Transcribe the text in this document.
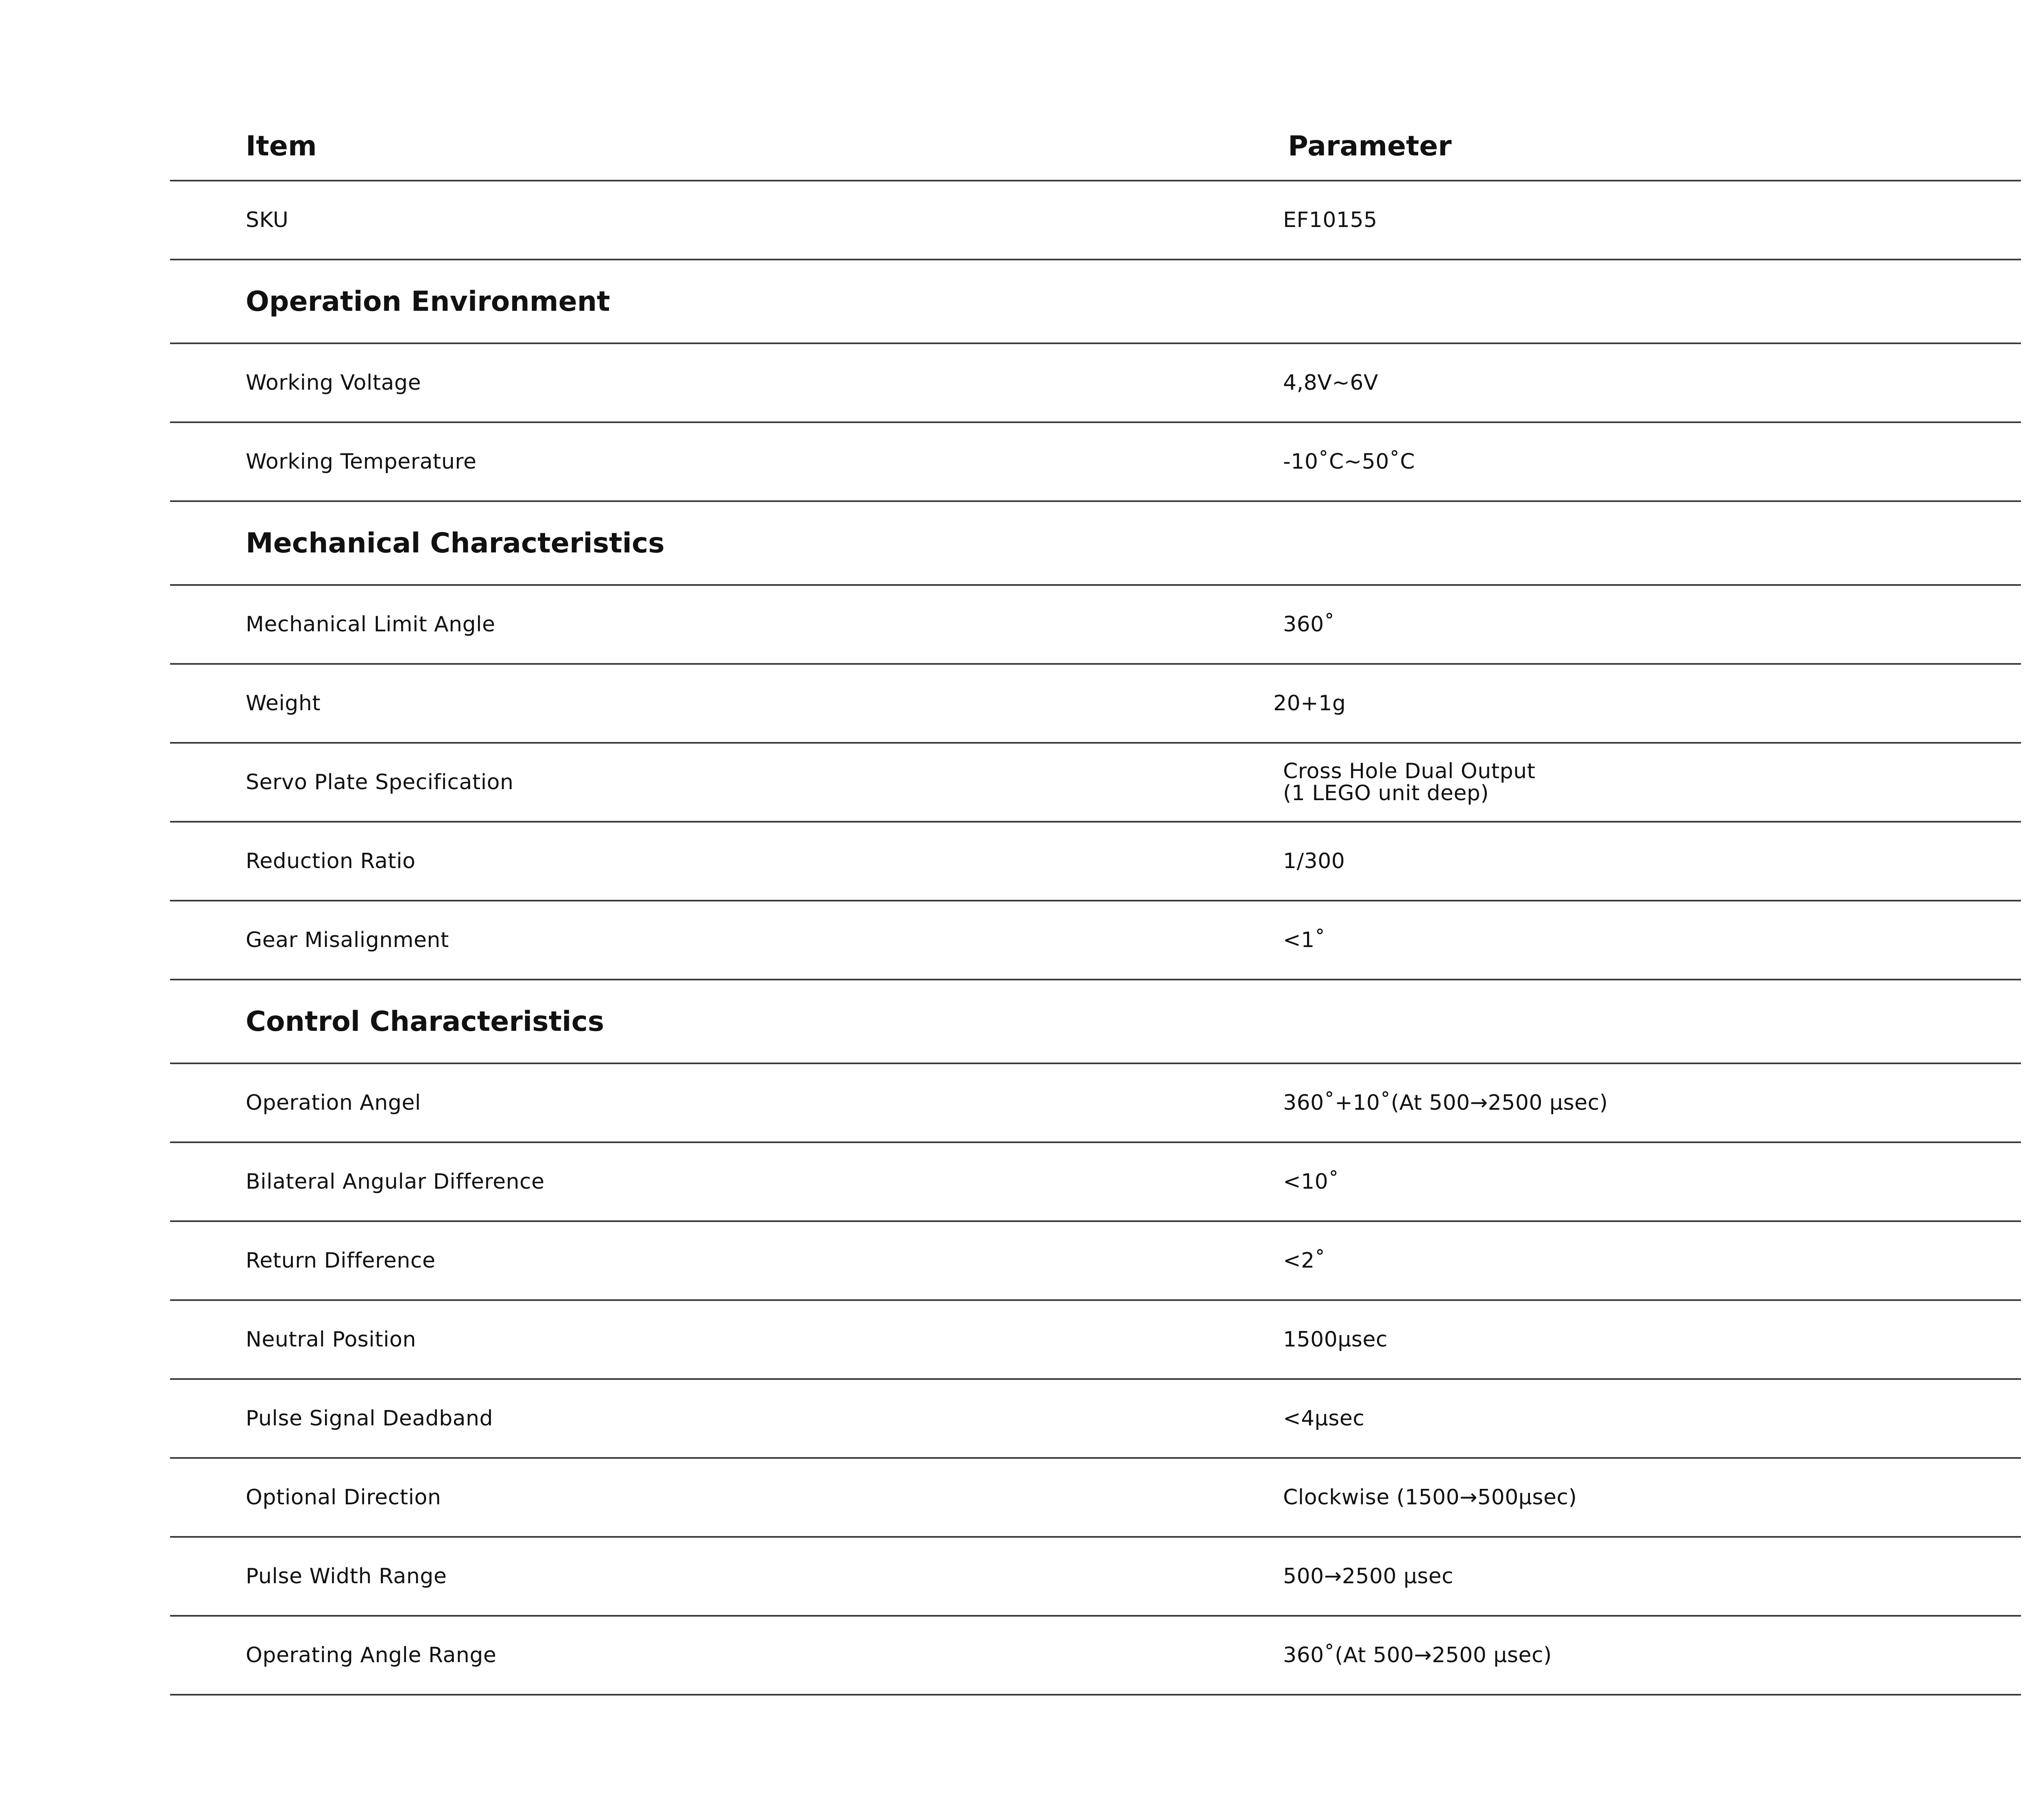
Item	Parameter
SKU	EF10155
Operation Environment	
Working Voltage	4,8V~6V
Working Temperature	-10˚C~50˚C
Mechanical Characteristics	
Mechanical Limit Angle	360˚
Weight	20+1g
Servo Plate Specification	Cross Hole Dual Output
(1 LEGO unit deep)

Reduction Ratio	1/300
Gear Misalignment	<1˚
Control Characteristics	
Operation Angel	360˚+10˚(At 500→2500 μsec)
Bilateral Angular Difference	<10˚
Return Difference	<2˚
Neutral Position	1500μsec
Pulse Signal Deadband	<4μsec
Optional Direction	Clockwise (1500→500μsec)
Pulse Width Range	500→2500 μsec
Operating Angle Range	360˚(At 500→2500 μsec)
